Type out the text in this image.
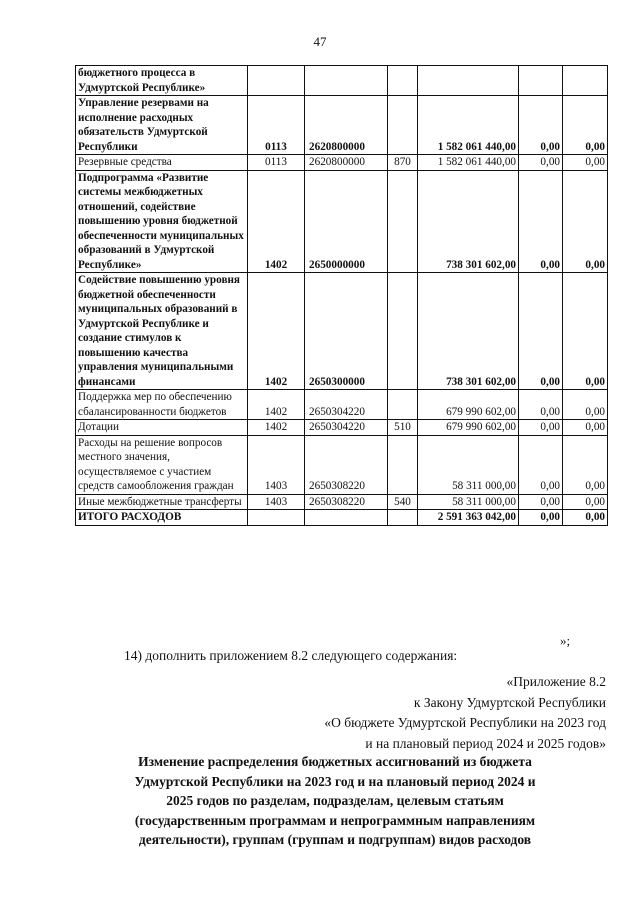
47
бюджетного процесса в Удмуртской Республике»						
Управление резервами на исполнение расходных обязательств Удмуртской Республики	0113	2620800000		1 582 061 440,00	0,00	0,00
Резервные средства	0113	2620800000	870	1 582 061 440,00	0,00	0,00
Подпрограмма «Развитие системы межбюджетных отношений, содействие повышению уровня бюджетной обеспеченности муниципальных образований в Удмуртской Республике»	1402	2650000000		738 301 602,00	0,00	0,00
Содействие повышению уровня бюджетной обеспеченности муниципальных образований в Удмуртской Республике и создание стимулов к повышению качества управления муниципальными финансами	1402	2650300000		738 301 602,00	0,00	0,00
Поддержка мер по обеспечению сбалансированности бюджетов	1402	2650304220		679 990 602,00	0,00	0,00
Дотации	1402	2650304220	510	679 990 602,00	0,00	0,00
Расходы на решение вопросов местного значения, осуществляемое с участием средств самообложения граждан	1403	2650308220		58 311 000,00	0,00	0,00
Иные межбюджетные трансферты	1403	2650308220	540	58 311 000,00	0,00	0,00
ИТОГО РАСХОДОВ				2 591 363 042,00	0,00	0,00
»;
14) дополнить приложением 8.2 следующего содержания:
«Приложение 8.2
к Закону Удмуртской Республики
«О бюджете Удмуртской Республики на 2023 год
и на плановый период 2024 и 2025 годов»
Изменение распределения бюджетных ассигнований из бюджета
Удмуртской Республики на 2023 год и на плановый период 2024 и
2025 годов по разделам, подразделам, целевым статьям
(государственным программам и непрограммным направлениям
деятельности), группам (группам и подгруппам) видов расходов
